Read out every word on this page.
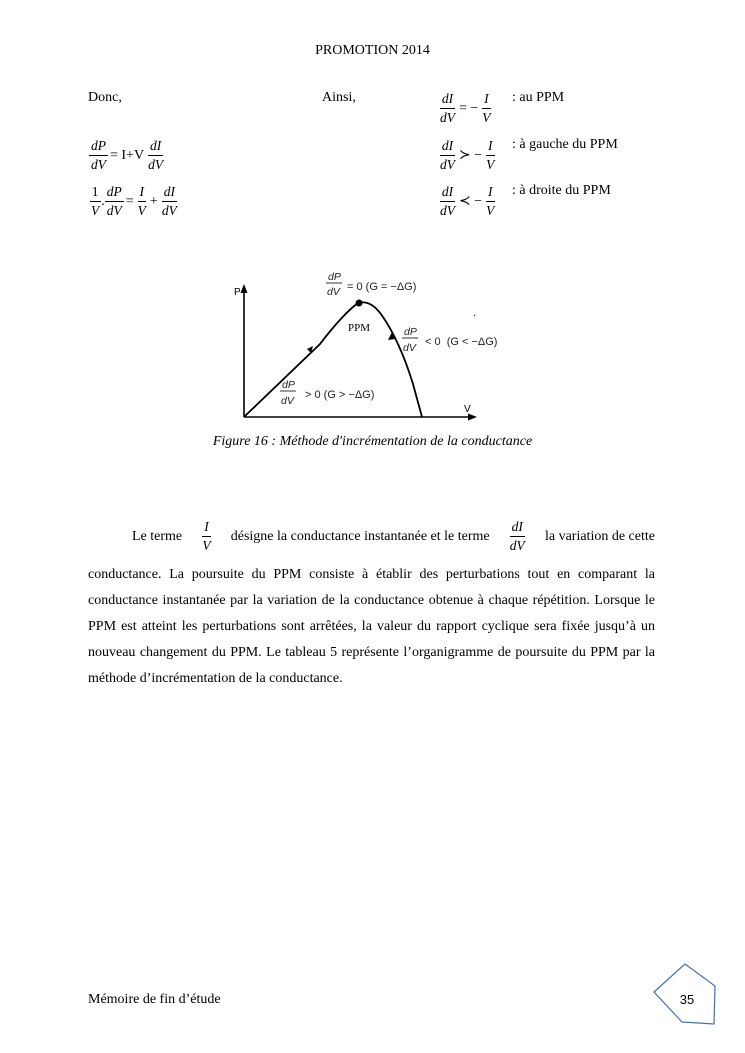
PROMOTION 2014
Donc,	Ainsi,
$\frac{dP}{dV} = I+V \frac{dI}{dV}$
$\frac{1}{V}$ . $\frac{dP}{dV} = \frac{I}{V} + \frac{dI}{dV}$
$\frac{dI}{dV}$ = − $\frac{I}{V}$ : au PPM
$\frac{dI}{dV}$ ≻ − $\frac{I}{V}$ : à gauche du PPM
$\frac{dI}{dV}$ ≺ − $\frac{I}{V}$ : à droite du PPM
P
V
PPM
.
dP
dV = 0 (G = −ΔG)
dP
dV < 0  (G < −ΔG)
dP
dV > 0 (G > −ΔG)
Figure 16 : Méthode d'incrémentation de la conductance
Le terme $\frac{I}{V}$ désigne la conductance instantanée et le terme $\frac{dI}{dV}$ la variation de cette
conductance. La poursuite du PPM consiste à établir des perturbations tout en comparant la conductance instantanée par la variation de la conductance obtenue à chaque répétition. Lorsque le PPM est atteint les perturbations sont arrêtées, la valeur du rapport cyclique sera fixée jusqu’à un nouveau changement du PPM. Le tableau 5 représente l’organigramme de poursuite du PPM par la méthode d’incrémentation de la conductance.
Mémoire de fin d’étude	35
